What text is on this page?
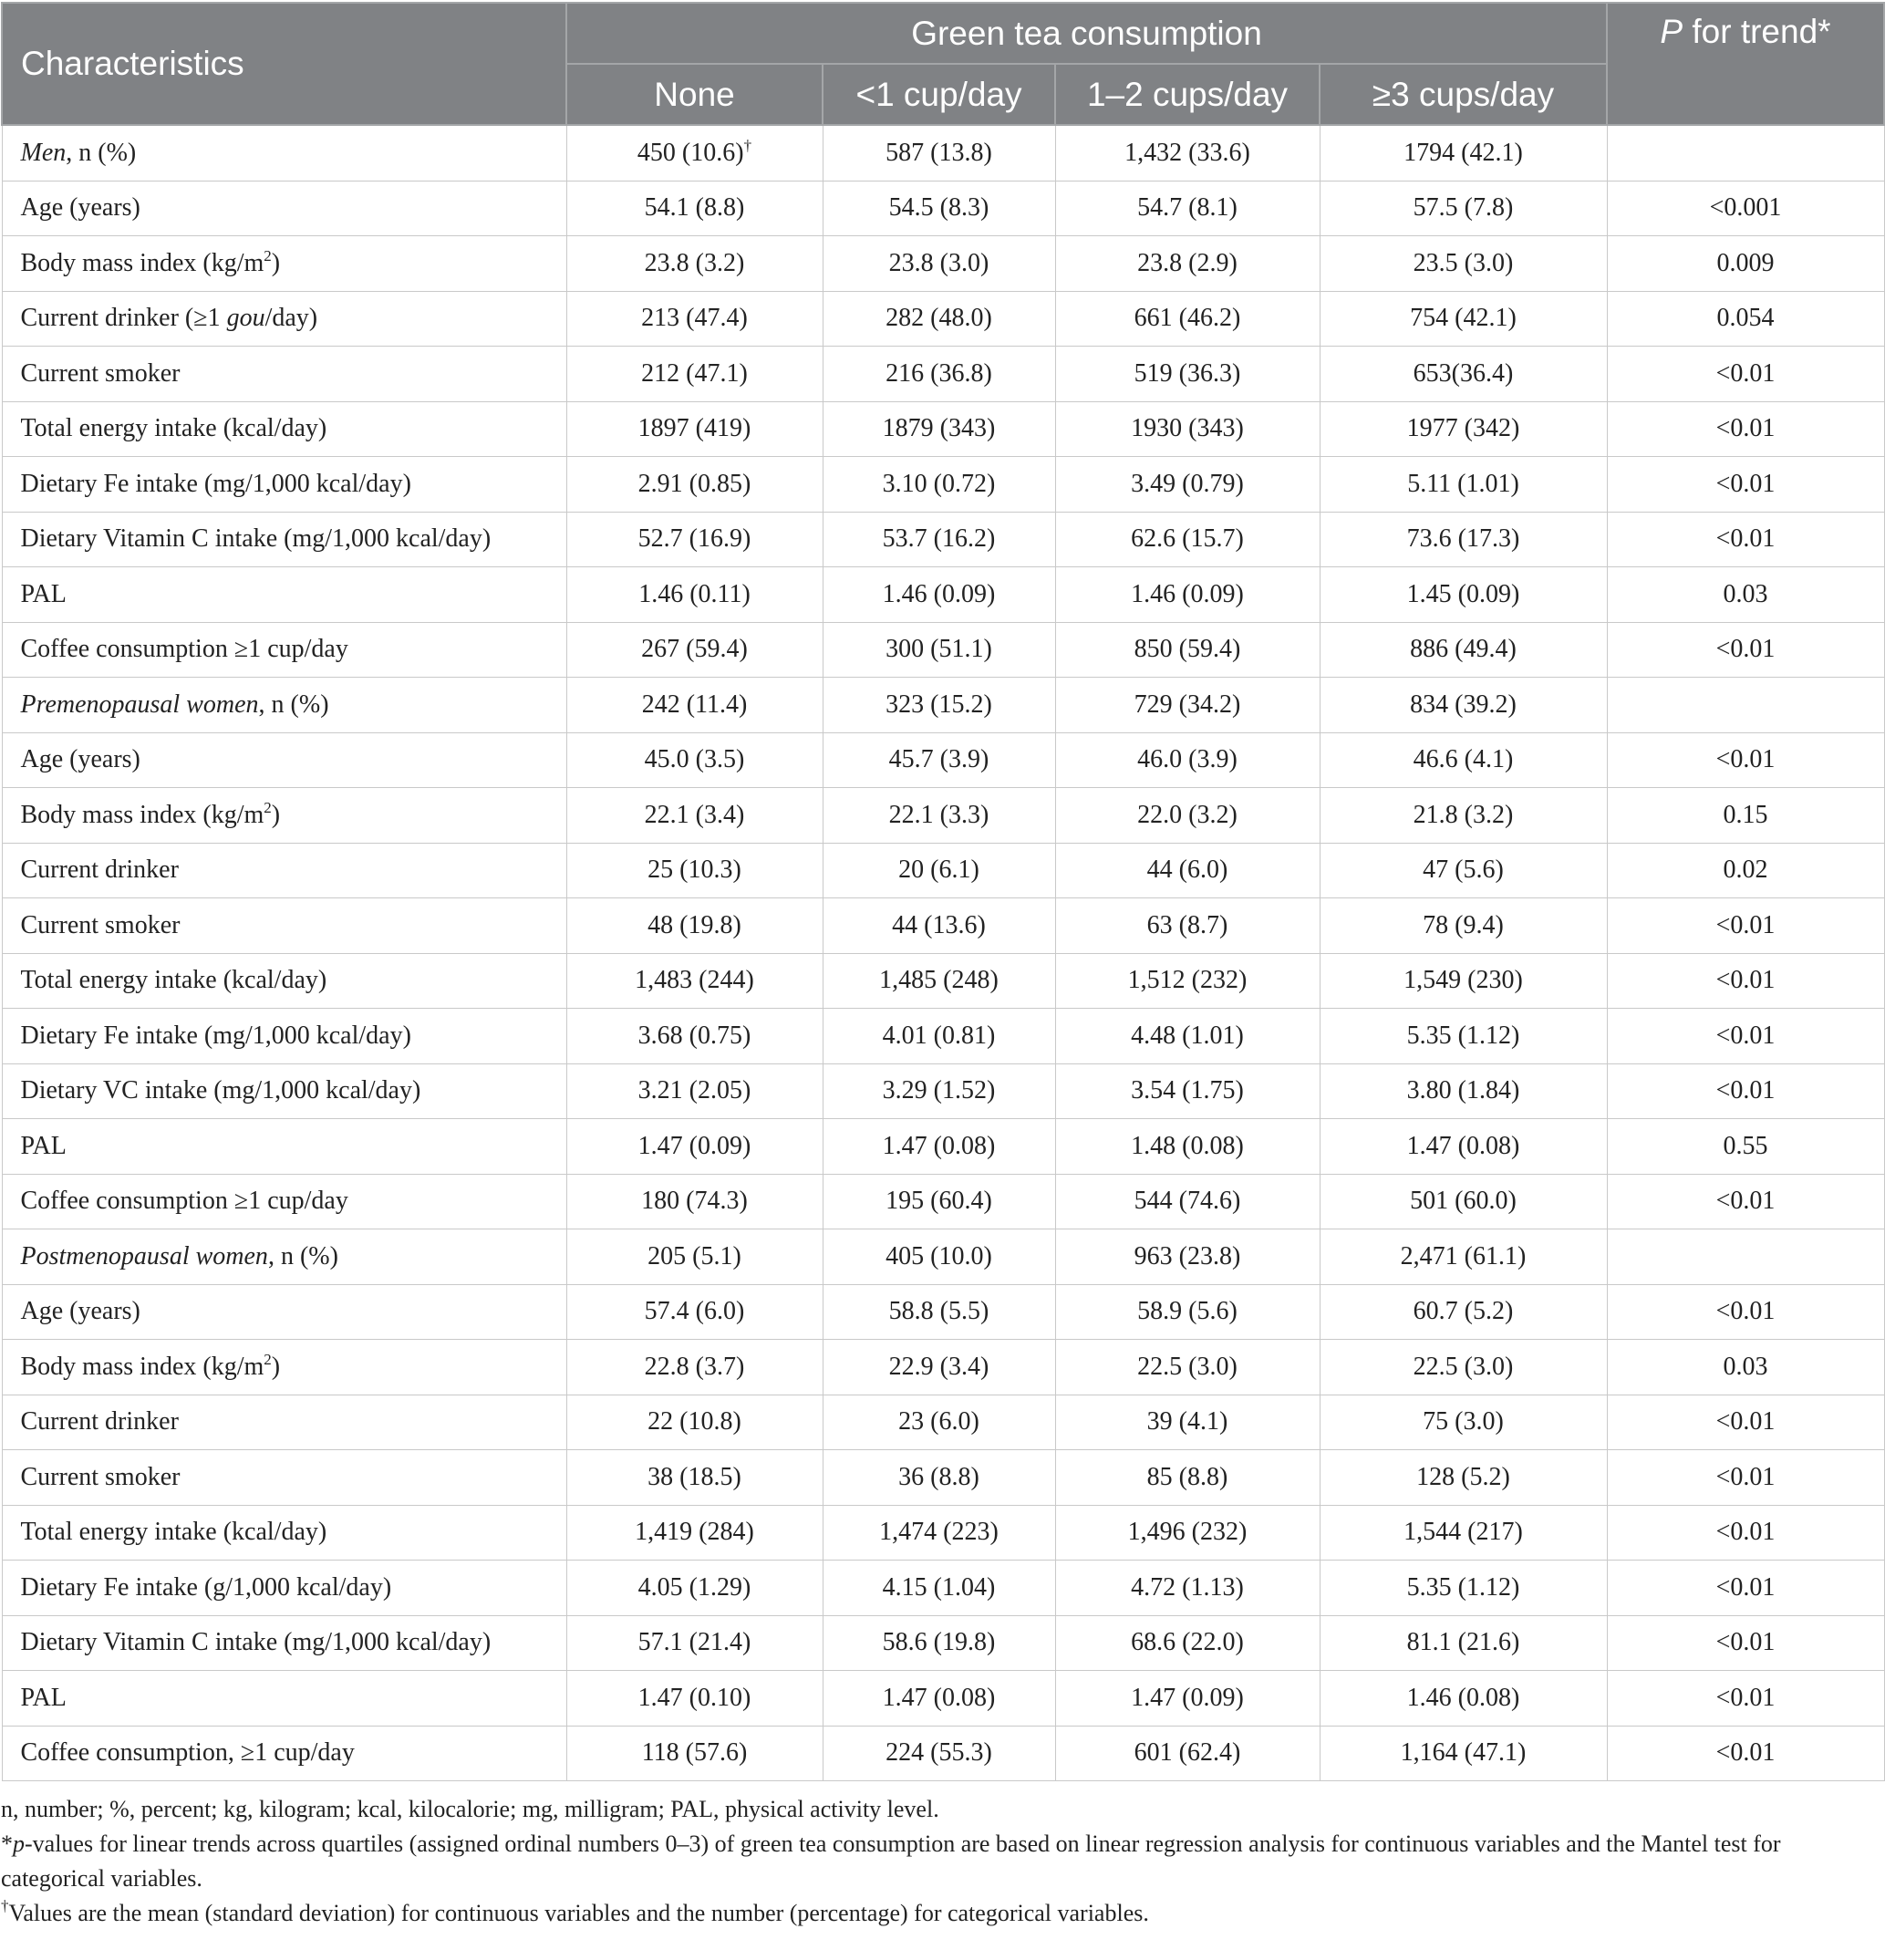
Characteristics	Green tea consumption				P for trend*
	None	<1 cup/day	1–2 cups/day	≥3 cups/day	
Men, n (%)	450 (10.6)†	587 (13.8)	1,432 (33.6)	1794 (42.1)	
Age (years)	54.1 (8.8)	54.5 (8.3)	54.7 (8.1)	57.5 (7.8)	<0.001
Body mass index $(kg/m^2)$	23.8 (3.2)	23.8 (3.0)	23.8 (2.9)	23.5 (3.0)	0.009
Current drinker (≥1 gou/day)	213 (47.4)	282 (48.0)	661 (46.2)	754 (42.1)	0.054
Current smoker	212 (47.1)	216 (36.8)	519 (36.3)	653(36.4)	<0.01
Total energy intake (kcal/day)	1897 (419)	1879 (343)	1930 (343)	1977 (342)	<0.01
Dietary Fe intake (mg/1,000 kcal/day)	2.91 (0.85)	3.10 (0.72)	3.49 (0.79)	5.11 (1.01)	<0.01
Dietary Vitamin C intake (mg/1,000 kcal/day)	52.7 (16.9)	53.7 (16.2)	62.6 (15.7)	73.6 (17.3)	<0.01
PAL	1.46 (0.11)	1.46 (0.09)	1.46 (0.09)	1.45 (0.09)	0.03
Coffee consumption ≥1 cup/day	267 (59.4)	300 (51.1)	850 (59.4)	886 (49.4)	<0.01
Premenopausal women, n (%)	242 (11.4)	323 (15.2)	729 (34.2)	834 (39.2)	
Age (years)	45.0 (3.5)	45.7 (3.9)	46.0 (3.9)	46.6 (4.1)	<0.01
Body mass index $(kg/m^2)$	22.1 (3.4)	22.1 (3.3)	22.0 (3.2)	21.8 (3.2)	0.15
Current drinker	25 (10.3)	20 (6.1)	44 (6.0)	47 (5.6)	0.02
Current smoker	48 (19.8)	44 (13.6)	63 (8.7)	78 (9.4)	<0.01
Total energy intake (kcal/day)	1,483 (244)	1,485 (248)	1,512 (232)	1,549 (230)	<0.01
Dietary Fe intake (mg/1,000 kcal/day)	3.68 (0.75)	4.01 (0.81)	4.48 (1.01)	5.35 (1.12)	<0.01
Dietary VC intake (mg/1,000 kcal/day)	3.21 (2.05)	3.29 (1.52)	3.54 (1.75)	3.80 (1.84)	<0.01
PAL	1.47 (0.09)	1.47 (0.08)	1.48 (0.08)	1.47 (0.08)	0.55
Coffee consumption ≥1 cup/day	180 (74.3)	195 (60.4)	544 (74.6)	501 (60.0)	<0.01
Postmenopausal women, n (%)	205 (5.1)	405 (10.0)	963 (23.8)	2,471 (61.1)	
Age (years)	57.4 (6.0)	58.8 (5.5)	58.9 (5.6)	60.7 (5.2)	<0.01
Body mass index $(kg/m^2)$	22.8 (3.7)	22.9 (3.4)	22.5 (3.0)	22.5 (3.0)	0.03
Current drinker	22 (10.8)	23 (6.0)	39 (4.1)	75 (3.0)	<0.01
Current smoker	38 (18.5)	36 (8.8)	85 (8.8)	128 (5.2)	<0.01
Total energy intake (kcal/day)	1,419 (284)	1,474 (223)	1,496 (232)	1,544 (217)	<0.01
Dietary Fe intake (g/1,000 kcal/day)	4.05 (1.29)	4.15 (1.04)	4.72 (1.13)	5.35 (1.12)	<0.01
Dietary Vitamin C intake (mg/1,000 kcal/day)	57.1 (21.4)	58.6 (19.8)	68.6 (22.0)	81.1 (21.6)	<0.01
PAL	1.47 (0.10)	1.47 (0.08)	1.47 (0.09)	1.46 (0.08)	<0.01
Coffee consumption, ≥1 cup/day	118 (57.6)	224 (55.3)	601 (62.4)	1,164 (47.1)	<0.01

n, number; %, percent; kg, kilogram; kcal, kilocalorie; mg, milligram; PAL, physical activity level.

*p-values for linear trends across quartiles (assigned ordinal numbers 0–3) of green tea consumption are based on linear regression analysis for continuous variables and the Mantel test for categorical variables.

†Values are the mean (standard deviation) for continuous variables and the number (percentage) for categorical variables.
